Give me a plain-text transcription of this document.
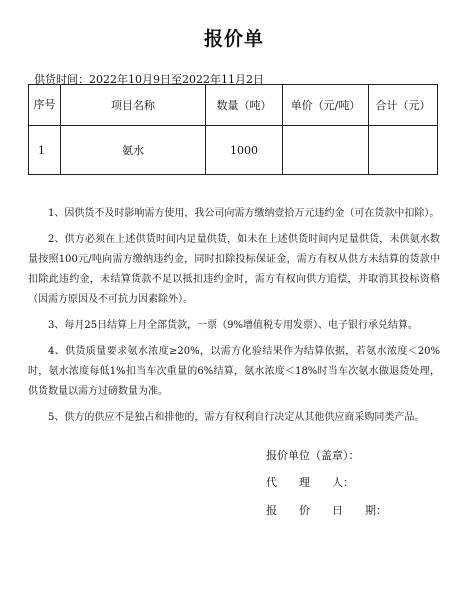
报价单
供货时间：2022年10月9日至2022年11月2日
序号	项目名称	数量（吨）	单价（元/吨）	合计（元）
1	氨水	1000		

1、因供货不及时影响需方使用，我公司向需方缴纳壹拾万元违约金（可在货款中扣除）。

2、供方必须在上述供货时间内足量供货，如未在上述供货时间内足量供货，未供氨水数量按照100元/吨向需方缴纳违约金，同时扣除投标保证金，需方有权从供方未结算的货款中扣除此违约金，未结算货款不足以抵扣违约金时，需方有权向供方追偿，并取消其投标资格（因需方原因及不可抗力因素除外）。

3、每月25日结算上月全部货款，一票（9%增值税专用发票）、电子银行承兑结算。

4、供货质量要求氨水浓度≥20%，以需方化验结果作为结算依据，若氨水浓度＜20%时，氨水浓度每低1%扣当车次重量的6%结算，氨水浓度＜18%时当车次氨水做退货处理，供货数量以需方过磅数量为准。

5、供方的供应不是独占和排他的，需方有权利自行决定从其他供应商采购同类产品。

报价单位（盖章）：
代　　理　　人：
报　　价　　日　　期：
